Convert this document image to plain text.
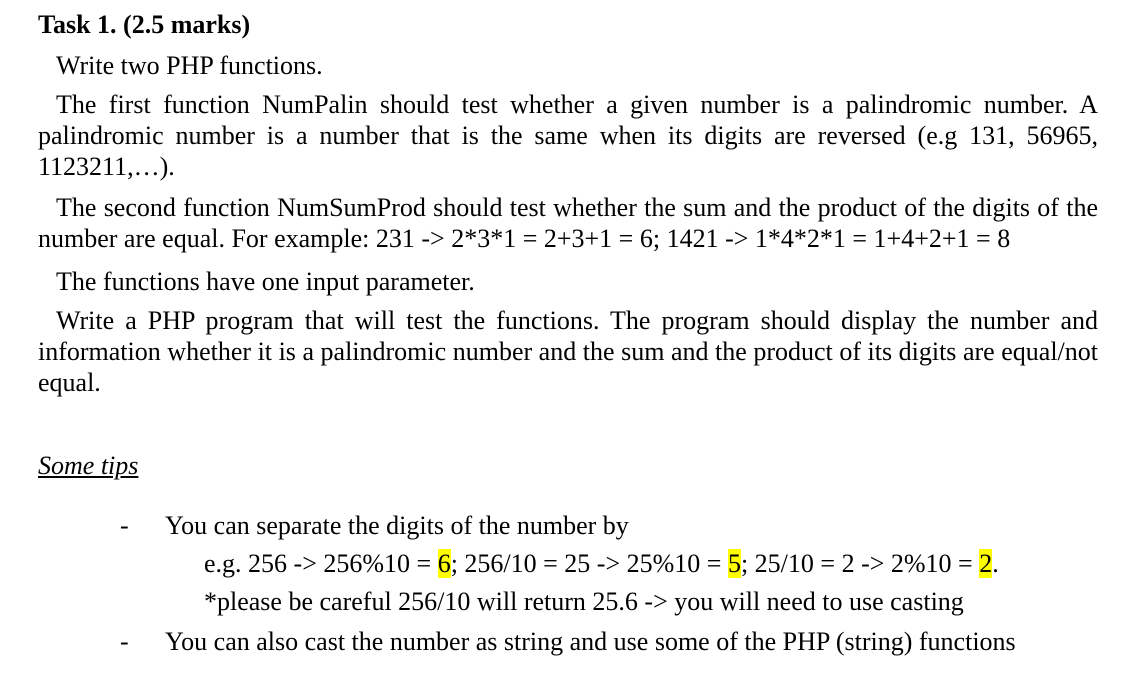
Task 1. (2.5 marks)

Write two PHP functions.

The first function NumPalin should test whether a given number is a palindromic number. A palindromic number is a number that is the same when its digits are reversed (e.g 131, 56965, 1123211,…).

The second function NumSumProd should test whether the sum and the product of the digits of the number are equal. For example: 231 -> 2*3*1 = 2+3+1 = 6; 1421 -> 1*4*2*1 = 1+4+2+1 = 8

The functions have one input parameter.

Write a PHP program that will test the functions. The program should display the number and information whether it is a palindromic number and the sum and the product of its digits are equal/not equal.

Some tips

- You can separate the digits of the number by
e.g. 256 -> 256%10 = 6; 256/10 = 25 -> 25%10 = 5; 25/10 = 2 -> 2%10 = 2.
*please be careful 256/10 will return 25.6 -> you will need to use casting
- You can also cast the number as string and use some of the PHP (string) functions
